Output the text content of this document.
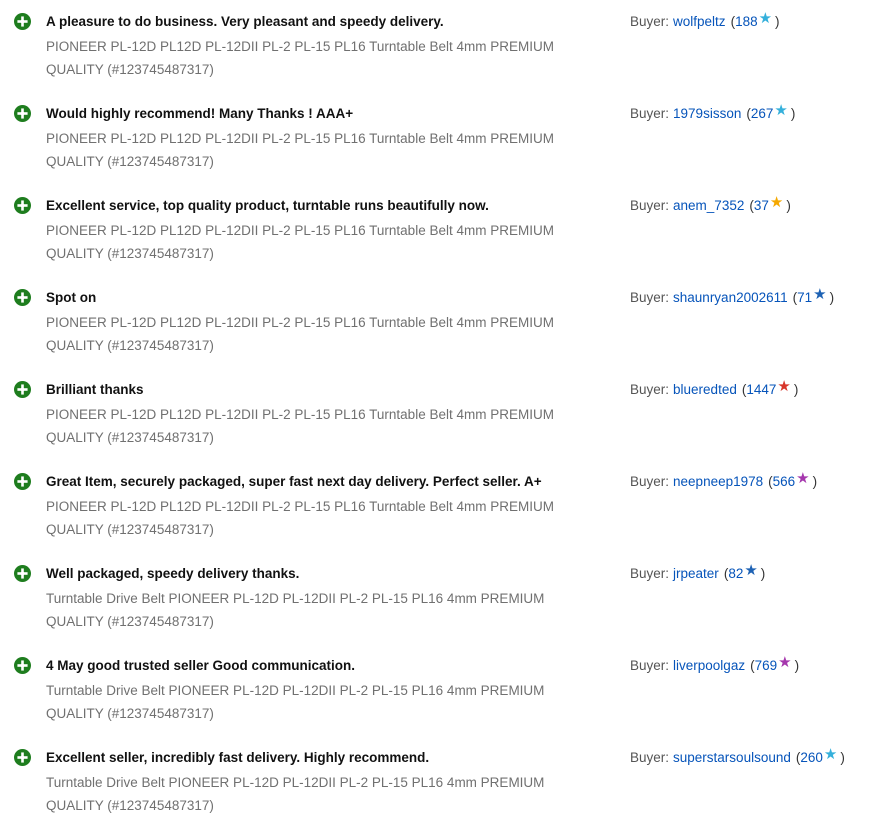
A pleasure to do business. Very pleasant and speedy delivery.
PIONEER PL-12D PL12D PL-12DII PL-2 PL-15 PL16 Turntable Belt 4mm PREMIUM QUALITY (#123745487317)
Buyer: wolfpeltz (188★ )
Would highly recommend! Many Thanks ! AAA+
PIONEER PL-12D PL12D PL-12DII PL-2 PL-15 PL16 Turntable Belt 4mm PREMIUM QUALITY (#123745487317)
Buyer: 1979sisson (267★ )
Excellent service, top quality product, turntable runs beautifully now.
PIONEER PL-12D PL12D PL-12DII PL-2 PL-15 PL16 Turntable Belt 4mm PREMIUM QUALITY (#123745487317)
Buyer: anem_7352 (37★ )
Spot on
PIONEER PL-12D PL12D PL-12DII PL-2 PL-15 PL16 Turntable Belt 4mm PREMIUM QUALITY (#123745487317)
Buyer: shaunryan2002611 (71★ )
Brilliant thanks
PIONEER PL-12D PL12D PL-12DII PL-2 PL-15 PL16 Turntable Belt 4mm PREMIUM QUALITY (#123745487317)
Buyer: blueredted (1447★ )
Great Item, securely packaged, super fast next day delivery. Perfect seller. A+
PIONEER PL-12D PL12D PL-12DII PL-2 PL-15 PL16 Turntable Belt 4mm PREMIUM QUALITY (#123745487317)
Buyer: neepneep1978 (566★ )
Well packaged, speedy delivery thanks.
Turntable Drive Belt PIONEER PL-12D PL-12DII PL-2 PL-15 PL16 4mm PREMIUM QUALITY (#123745487317)
Buyer: jrpeater (82★ )
4 May good trusted seller Good communication.
Turntable Drive Belt PIONEER PL-12D PL-12DII PL-2 PL-15 PL16 4mm PREMIUM QUALITY (#123745487317)
Buyer: liverpoolgaz (769★ )
Excellent seller, incredibly fast delivery. Highly recommend.
Turntable Drive Belt PIONEER PL-12D PL-12DII PL-2 PL-15 PL16 4mm PREMIUM QUALITY (#123745487317)
Buyer: superstarsoulsound (260★ )
